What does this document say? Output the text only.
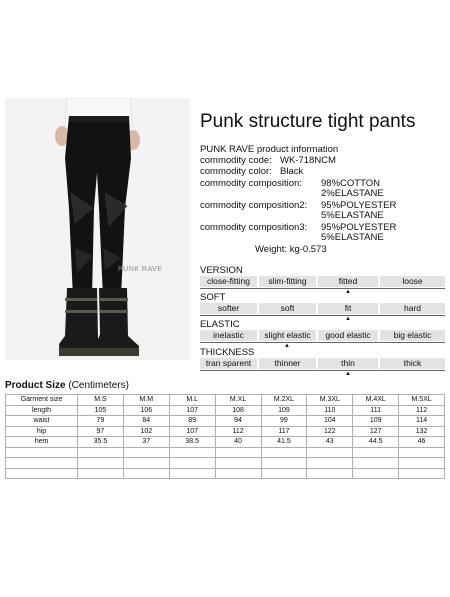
PUNK RAVE
Punk structure tight pants
PUNK RAVE product information
commodity code: WK-718NCM
commodity color: Black
commodity composition: 98%COTTON
2%ELASTANE
commodity composition2: 95%POLYESTER
5%ELASTANE
commodity composition3: 95%POLYESTER
5%ELASTANE
Weight: kg-0.573
VERSION
close-fitting	slim-fitting	fitted	loose
▲
SOFT
softer	soft	fit	hard
▲
ELASTIC
inelastic	slight elastic	good elastic	big elastic
▲
THICKNESS
tran sparent	thinner	thin	thick
▲
Product Size (Centimeters)
Garment size	M.S	M.M	M.L	M.XL	M.2XL	M.3XL	M.4XL	M.5XL
length	105	106	107	108	109	110	111	112
waist	79	84	89	94	99	104	109	114
hip	97	102	107	112	117	122	127	132
hem	35.5	37	38.5	40	41.5	43	44.5	46
